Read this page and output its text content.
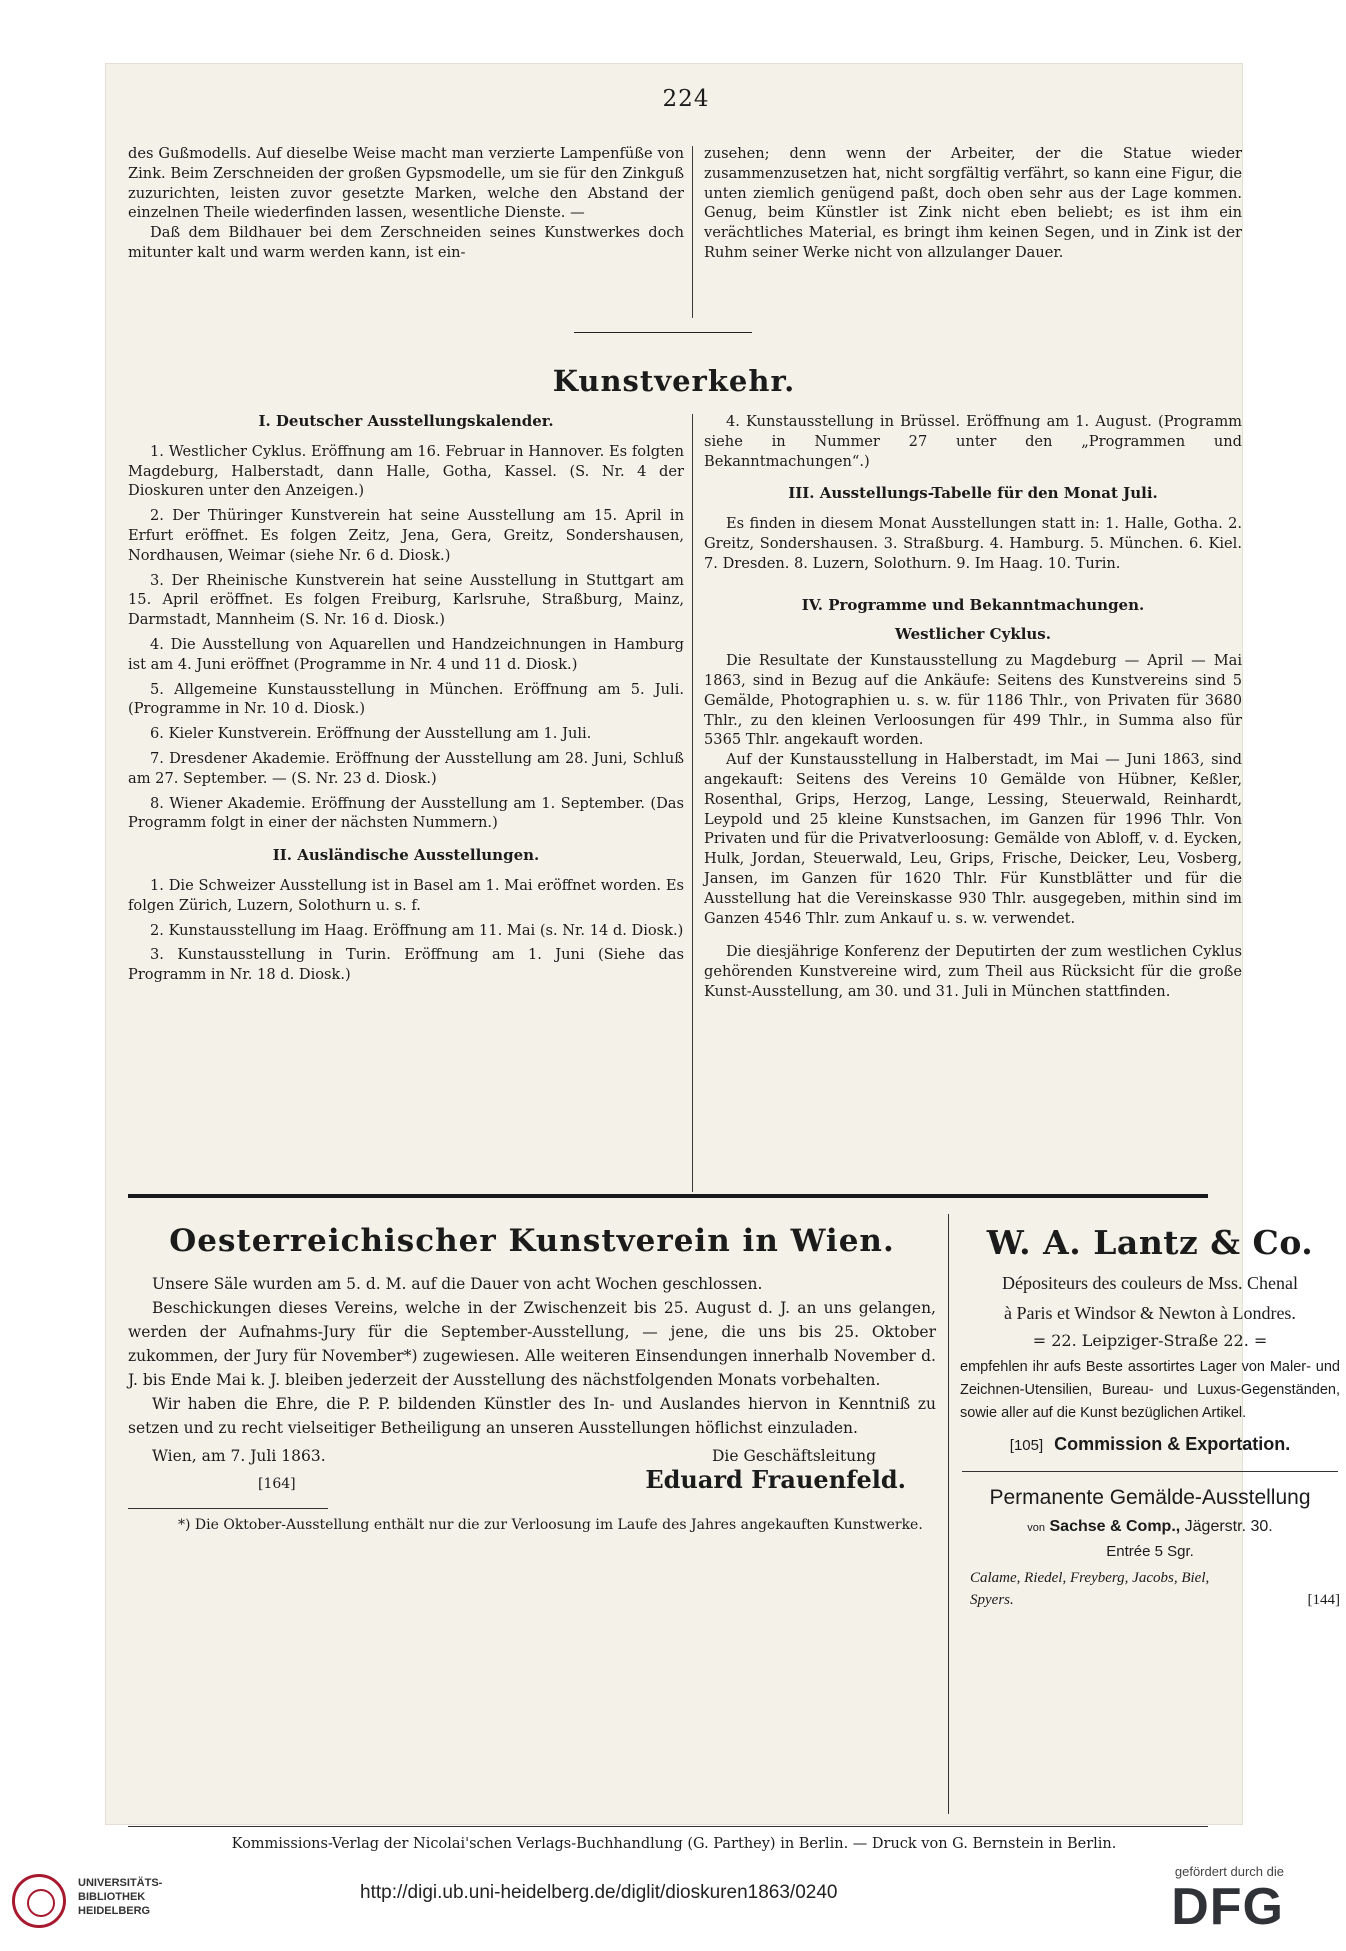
224

des Gußmodells. Auf dieselbe Weise macht man verzierte Lampenfüße von Zink. Beim Zerschneiden der großen Gypsmodelle, um sie für den Zinkguß zuzurichten, leisten zuvor gesetzte Marken, welche den Abstand der einzelnen Theile wiederfinden lassen, wesentliche Dienste. —

Daß dem Bildhauer bei dem Zerschneiden seines Kunstwerkes doch mitunter kalt und warm werden kann, ist ein-

zusehen; denn wenn der Arbeiter, der die Statue wieder zusammenzusetzen hat, nicht sorgfältig verfährt, so kann eine Figur, die unten ziemlich genügend paßt, doch oben sehr aus der Lage kommen. Genug, beim Künstler ist Zink nicht eben beliebt; es ist ihm ein verächtliches Material, es bringt ihm keinen Segen, und in Zink ist der Ruhm seiner Werke nicht von allzulanger Dauer.

Kunstverkehr.

I. Deutscher Ausstellungskalender.

1. Westlicher Cyklus. Eröffnung am 16. Februar in Hannover. Es folgten Magdeburg, Halberstadt, dann Halle, Gotha, Kassel. (S. Nr. 4 der Dioskuren unter den Anzeigen.)

2. Der Thüringer Kunstverein hat seine Ausstellung am 15. April in Erfurt eröffnet. Es folgen Zeitz, Jena, Gera, Greitz, Sondershausen, Nordhausen, Weimar (siehe Nr. 6 d. Diosk.)

3. Der Rheinische Kunstverein hat seine Ausstellung in Stuttgart am 15. April eröffnet. Es folgen Freiburg, Karlsruhe, Straßburg, Mainz, Darmstadt, Mannheim (S. Nr. 16 d. Diosk.)

4. Die Ausstellung von Aquarellen und Handzeichnungen in Hamburg ist am 4. Juni eröffnet (Programme in Nr. 4 und 11 d. Diosk.)

5. Allgemeine Kunstausstellung in München. Eröffnung am 5. Juli. (Programme in Nr. 10 d. Diosk.)

6. Kieler Kunstverein. Eröffnung der Ausstellung am 1. Juli.

7. Dresdener Akademie. Eröffnung der Ausstellung am 28. Juni, Schluß am 27. September. — (S. Nr. 23 d. Diosk.)

8. Wiener Akademie. Eröffnung der Ausstellung am 1. September. (Das Programm folgt in einer der nächsten Nummern.)

II. Ausländische Ausstellungen.

1. Die Schweizer Ausstellung ist in Basel am 1. Mai eröffnet worden. Es folgen Zürich, Luzern, Solothurn u. s. f.

2. Kunstausstellung im Haag. Eröffnung am 11. Mai (s. Nr. 14 d. Diosk.)

3. Kunstausstellung in Turin. Eröffnung am 1. Juni (Siehe das Programm in Nr. 18 d. Diosk.)

4. Kunstausstellung in Brüssel. Eröffnung am 1. August. (Programm siehe in Nummer 27 unter den „Programmen und Bekanntmachungen“.)

III. Ausstellungs-Tabelle für den Monat Juli.

Es finden in diesem Monat Ausstellungen statt in: 1. Halle, Gotha. 2. Greitz, Sondershausen. 3. Straßburg. 4. Hamburg. 5. München. 6. Kiel. 7. Dresden. 8. Luzern, Solothurn. 9. Im Haag. 10. Turin.

IV. Programme und Bekanntmachungen.

Westlicher Cyklus.

Die Resultate der Kunstausstellung zu Magdeburg — April — Mai 1863, sind in Bezug auf die Ankäufe: Seitens des Kunstvereins sind 5 Gemälde, Photographien u. s. w. für 1186 Thlr., von Privaten für 3680 Thlr., zu den kleinen Verloosungen für 499 Thlr., in Summa also für 5365 Thlr. angekauft worden.

Auf der Kunstausstellung in Halberstadt, im Mai — Juni 1863, sind angekauft: Seitens des Vereins 10 Gemälde von Hübner, Keßler, Rosenthal, Grips, Herzog, Lange, Lessing, Steuerwald, Reinhardt, Leypold und 25 kleine Kunstsachen, im Ganzen für 1996 Thlr. Von Privaten und für die Privatverloosung: Gemälde von Abloff, v. d. Eycken, Hulk, Jordan, Steuerwald, Leu, Grips, Frische, Deicker, Leu, Vosberg, Jansen, im Ganzen für 1620 Thlr. Für Kunstblätter und für die Ausstellung hat die Vereinskasse 930 Thlr. ausgegeben, mithin sind im Ganzen 4546 Thlr. zum Ankauf u. s. w. verwendet.

Die diesjährige Konferenz der Deputirten der zum westlichen Cyklus gehörenden Kunstvereine wird, zum Theil aus Rücksicht für die große Kunst-Ausstellung, am 30. und 31. Juli in München stattfinden.

Oesterreichischer Kunstverein in Wien.

Unsere Säle wurden am 5. d. M. auf die Dauer von acht Wochen geschlossen.

Beschickungen dieses Vereins, welche in der Zwischenzeit bis 25. August d. J. an uns gelangen, werden der Aufnahms-Jury für die September-Ausstellung, — jene, die uns bis 25. Oktober zukommen, der Jury für November*) zugewiesen. Alle weiteren Einsendungen innerhalb November d. J. bis Ende Mai k. J. bleiben jederzeit der Ausstellung des nächstfolgenden Monats vorbehalten.

Wir haben die Ehre, die P. P. bildenden Künstler des In- und Auslandes hiervon in Kenntniß zu setzen und zu recht vielseitiger Betheiligung an unseren Ausstellungen höflichst einzuladen.

Wien, am 7. Juli 1863.	Die Geschäftsleitung
[164]	Eduard Frauenfeld.

*) Die Oktober-Ausstellung enthält nur die zur Verloosung im Laufe des Jahres angekauften Kunstwerke.

W. A. Lantz & Co.
Dépositeurs des couleurs de Mss. Chenal
à Paris et Windsor & Newton à Londres.
= 22. Leipziger-Straße 22. =
empfehlen ihr aufs Beste assortirtes Lager von Maler- und Zeichnen-Utensilien, Bureau- und Luxus-Gegenständen, sowie aller auf die Kunst bezüglichen Artikel.
[105] Commission & Exportation.
Permanente Gemälde-Ausstellung
von Sachse & Comp., Jägerstr. 30.
Entrée 5 Sgr.
Calame, Riedel, Freyberg, Jacobs, Biel,
Spyers.	[144]
Kommissions-Verlag der Nicolai'schen Verlags-Buchhandlung (G. Parthey) in Berlin. — Druck von G. Bernstein in Berlin.
UNIVERSITÄTS-
BIBLIOTHEK
HEIDELBERG
http://digi.ub.uni-heidelberg.de/diglit/dioskuren1863/0240
gefördert durch die
DFG
